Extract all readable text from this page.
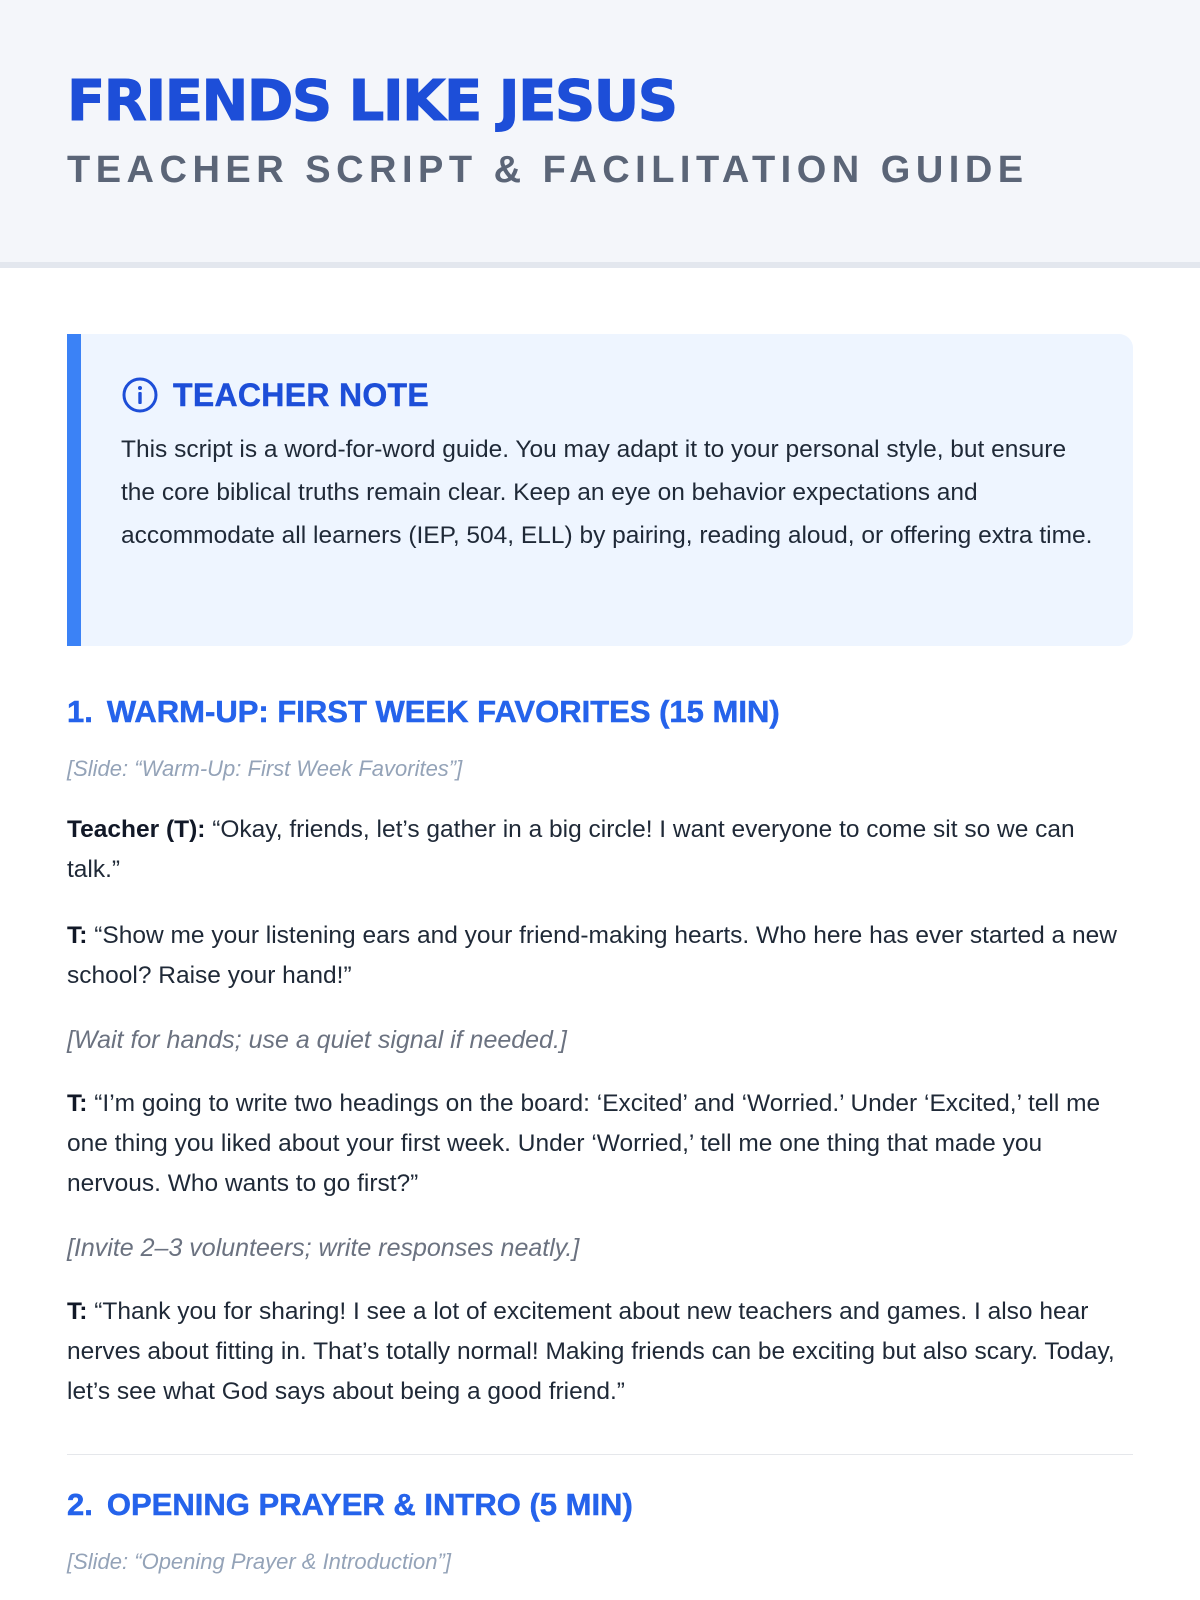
FRIENDS LIKE JESUS
TEACHER SCRIPT & FACILITATION GUIDE
TEACHER NOTE

This script is a word-for-word guide. You may adapt it to your personal style, but ensure the core biblical truths remain clear. Keep an eye on behavior expectations and accommodate all learners (IEP, 504, ELL) by pairing, reading aloud, or offering extra time.

1. WARM-UP: FIRST WEEK FAVORITES (15 MIN)

[Slide: “Warm-Up: First Week Favorites”]

Teacher (T): “Okay, friends, let’s gather in a big circle! I want everyone to come sit so we can talk.”

T: “Show me your listening ears and your friend-making hearts. Who here has ever started a new school? Raise your hand!”

[Wait for hands; use a quiet signal if needed.]

T: “I’m going to write two headings on the board: ‘Excited’ and ‘Worried.’ Under ‘Excited,’ tell me one thing you liked about your first week. Under ‘Worried,’ tell me one thing that made you nervous. Who wants to go first?”

[Invite 2–3 volunteers; write responses neatly.]

T: “Thank you for sharing! I see a lot of excitement about new teachers and games. I also hear nerves about fitting in. That’s totally normal! Making friends can be exciting but also scary. Today, let’s see what God says about being a good friend.”

2. OPENING PRAYER & INTRO (5 MIN)

[Slide: “Opening Prayer & Introduction”]
